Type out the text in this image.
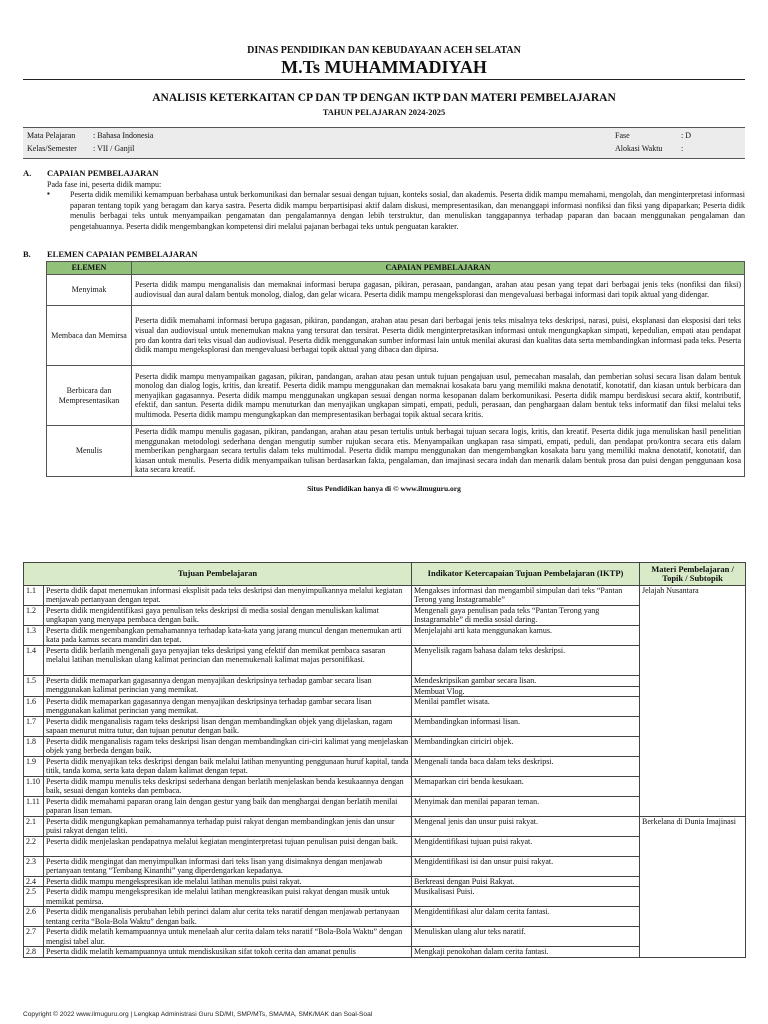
DINAS PENDIDIKAN DAN KEBUDAYAAN ACEH SELATAN
M.Ts MUHAMMADIYAH
ANALISIS KETERKAITAN CP DAN TP DENGAN IKTP DAN MATERI PEMBELAJARAN
TAHUN PELAJARAN 2024-2025
Mata Pelajaran : Bahasa Indonesia
Kelas/Semester : VII / Ganjil
Fase	: D
Alokasi Waktu :
A. CAPAIAN PEMBELAJARAN
Pada fase ini, peserta didik mampu:
▪	Peserta didik memiliki kemampuan berbahasa untuk berkomunikasi dan bernalar sesuai dengan tujuan, konteks sosial, dan akademis. Peserta didik mampu memahami, mengolah, dan menginterpretasi informasi paparan tentang topik yang beragam dan karya sastra. Peserta didik mampu berpartisipasi aktif dalam diskusi, mempresentasikan, dan menanggapi informasi nonfiksi dan fiksi yang dipaparkan; Peserta didik menulis berbagai teks untuk menyampaikan pengamatan dan pengalamannya dengan lebih terstruktur, dan menuliskan tanggapannya terhadap paparan dan bacaan menggunakan pengalaman dan pengetahuannya. Peserta didik mengembangkan kompetensi diri melalui pajanan berbagai teks untuk penguatan karakter.
B. ELEMEN CAPAIAN PEMBELAJARAN
ELEMEN	CAPAIAN PEMBELAJARAN
Menyimak	Peserta didik mampu menganalisis dan memaknai informasi berupa gagasan, pikiran, perasaan, pandangan, arahan atau pesan yang tepat dari berbagai jenis teks (nonfiksi dan fiksi) audiovisual dan aural dalam bentuk monolog, dialog, dan gelar wicara. Peserta didik mampu mengeksplorasi dan mengevaluasi berbagai informasi dari topik aktual yang didengar.
Membaca dan Memirsa	Peserta didik memahami informasi berupa gagasan, pikiran, pandangan, arahan atau pesan dari berbagai jenis teks misalnya teks deskripsi, narasi, puisi, eksplanasi dan eksposisi dari teks visual dan audiovisual untuk menemukan makna yang tersurat dan tersirat. Peserta didik menginterpretasikan informasi untuk mengungkapkan simpati, kepedulian, empati atau pendapat pro dan kontra dari teks visual dan audiovisual. Peserta didik menggunakan sumber informasi lain untuk menilai akurasi dan kualitas data serta membandingkan informasi pada teks. Peserta didik mampu mengeksplorasi dan mengevaluasi berbagai topik aktual yang dibaca dan dipirsa.
Berbicara dan Mempresentasikan	Peserta didik mampu menyampaikan gagasan, pikiran, pandangan, arahan atau pesan untuk tujuan pengajuan usul, pemecahan masalah, dan pemberian solusi secara lisan dalam bentuk monolog dan dialog logis, kritis, dan kreatif. Peserta didik mampu menggunakan dan memaknai kosakata baru yang memiliki makna denotatif, konotatif, dan kiasan untuk berbicara dan menyajikan gagasannya. Peserta didik mampu menggunakan ungkapan sesuai dengan norma kesopanan dalam berkomunikasi. Peserta didik mampu berdiskusi secara aktif, kontributif, efektif, dan santun. Peserta didik mampu menuturkan dan menyajikan ungkapan simpati, empati, peduli, perasaan, dan penghargaan dalam bentuk teks informatif dan fiksi melalui teks multimoda. Peserta didik mampu mengungkapkan dan mempresentasikan berbagai topik aktual secara kritis.
Menulis	Peserta didik mampu menulis gagasan, pikiran, pandangan, arahan atau pesan tertulis untuk berbagai tujuan secara logis, kritis, dan kreatif. Peserta didik juga menuliskan hasil penelitian menggunakan metodologi sederhana dengan mengutip sumber rujukan secara etis. Menyampaikan ungkapan rasa simpati, empati, peduli, dan pendapat pro/kontra secara etis dalam memberikan penghargaan secara tertulis dalam teks multimodal. Peserta didik mampu menggunakan dan mengembangkan kosakata baru yang memiliki makna denotatif, konotatif, dan kiasan untuk menulis. Peserta didik menyampaikan tulisan berdasarkan fakta, pengalaman, dan imajinasi secara indah dan menarik dalam bentuk prosa dan puisi dengan penggunaan kosa kata secara kreatif.
Situs Pendidikan hanya di © www.ilmuguru.org
Tujuan Pembelajaran		Indikator Ketercapaian Tujuan Pembelajaran (IKTP)	Materi Pembelajaran / Topik / Subtopik
1.1	Peserta didik dapat menemukan informasi eksplisit pada teks deskripsi dan menyimpulkannya melalui kegiatan menjawab pertanyaan dengan tepat.	Mengakses informasi dan mengambil simpulan dari teks “Pantan Terong yang Instagramable”	Jelajah Nusantara
1.2	Peserta didik mengidentifikasi gaya penulisan teks deskripsi di media sosial dengan menuliskan kalimat ungkapan yang menyapa pembaca dengan baik.	Mengenali gaya penulisan pada teks “Pantan Terong yang Instagramable” di media sosial daring.	
1.3	Peserta didik mengembangkan pemahamannya terhadap kata-kata yang jarang muncul dengan menemukan arti kata pada kamus secara mandiri dan tepat.	Menjelajahi arti kata menggunakan kamus.	
1.4	Peserta didik berlatih mengenali gaya penyajian teks deskripsi yang efektif dan memikat pembaca sasaran melalui latihan menuliskan ulang kalimat perincian dan menemukenali kalimat majas personifikasi.	Menyelisik ragam bahasa dalam teks deskripsi.	
1.5	Peserta didik memaparkan gagasannya dengan menyajikan deskripsinya terhadap gambar secara lisan menggunakan kalimat perincian yang memikat.	Mendeskripsikan gambar secara lisan.	
		Membuat Vlog.	
1.6	Peserta didik memaparkan gagasannya dengan menyajikan deskripsinya terhadap gambar secara lisan menggunakan kalimat perincian yang memikat.	Menilai pamflet wisata.	
1.7	Peserta didik menganalisis ragam teks deskripsi lisan dengan membandingkan objek yang dijelaskan, ragam sapaan menurut mitra tutur, dan tujuan penutur dengan baik.	Membandingkan informasi lisan.	
1.8	Peserta didik menganalisis ragam teks deskripsi lisan dengan membandingkan ciri-ciri kalimat yang menjelaskan objek yang berbeda dengan baik.	Membandingkan ciriciri objek.	
1.9	Peserta didik menyajikan teks deskripsi dengan baik melalui latihan menyunting penggunaan huruf kapital, tanda titik, tanda koma, serta kata depan dalam kalimat dengan tepat.	Mengenali tanda baca dalam teks deskripsi.	
1.10	Peserta didik mampu menulis teks deskripsi sederhana dengan berlatih menjelaskan benda kesukaannya dengan baik, sesuai dengan konteks dan pembaca.	Memaparkan ciri benda kesukaan.	
1.11	Peserta didik memahami paparan orang lain dengan gestur yang baik dan menghargai dengan berlatih menilai paparan lisan teman.	Menyimak dan menilai paparan teman.	
2.1	Peserta didik mengungkapkan pemahamannya terhadap puisi rakyat dengan membandingkan jenis dan unsur puisi rakyat dengan teliti.	Mengenal jenis dan unsur puisi rakyat.	Berkelana di Dunia Imajinasi
2.2	Peserta didik menjelaskan pendapatnya melalui kegiatan menginterpretasi tujuan penulisan puisi dengan baik.	Mengidentifikasi tujuan puisi rakyat.	
2.3	Peserta didik mengingat dan menyimpulkan informasi dari teks lisan yang disimaknya dengan menjawab pertanyaan tentang “Tembang Kinanthi” yang diperdengarkan kepadanya.	Mengidentifikasi isi dan unsur puisi rakyat.	
2.4	Peserta didik mampu mengekspresikan ide melalui latihan menulis puisi rakyat.	Berkreasi dengan Puisi Rakyat.	
2.5	Peserta didik mampu mengekspresikan ide melalui latihan mengkreasikan puisi rakyat dengan musik untuk memikat pemirsa.	Musikalisasi Puisi.	
2.6	Peserta didik menganalisis perubahan lebih perinci dalam alur cerita teks naratif dengan menjawab pertanyaan tentang cerita “Bola-Bola Waktu” dengan baik.	Mengidentifikasi alur dalam cerita fantasi.	
2.7	Peserta didik melatih kemampuannya untuk menelaah alur cerita dalam teks naratif “Bola-Bola Waktu” dengan mengisi tabel alur.	Menuliskan ulang alur teks naratif.	
2.8	Peserta didik melatih kemampuannya untuk mendiskusikan sifat tokoh cerita dan amanat penulis	Mengkaji penokohan dalam cerita fantasi.	
Copyright © 2022 www.ilmuguru.org | Lengkap Administrasi Guru SD/MI, SMP/MTs, SMA/MA, SMK/MAK dan Soal-Soal
